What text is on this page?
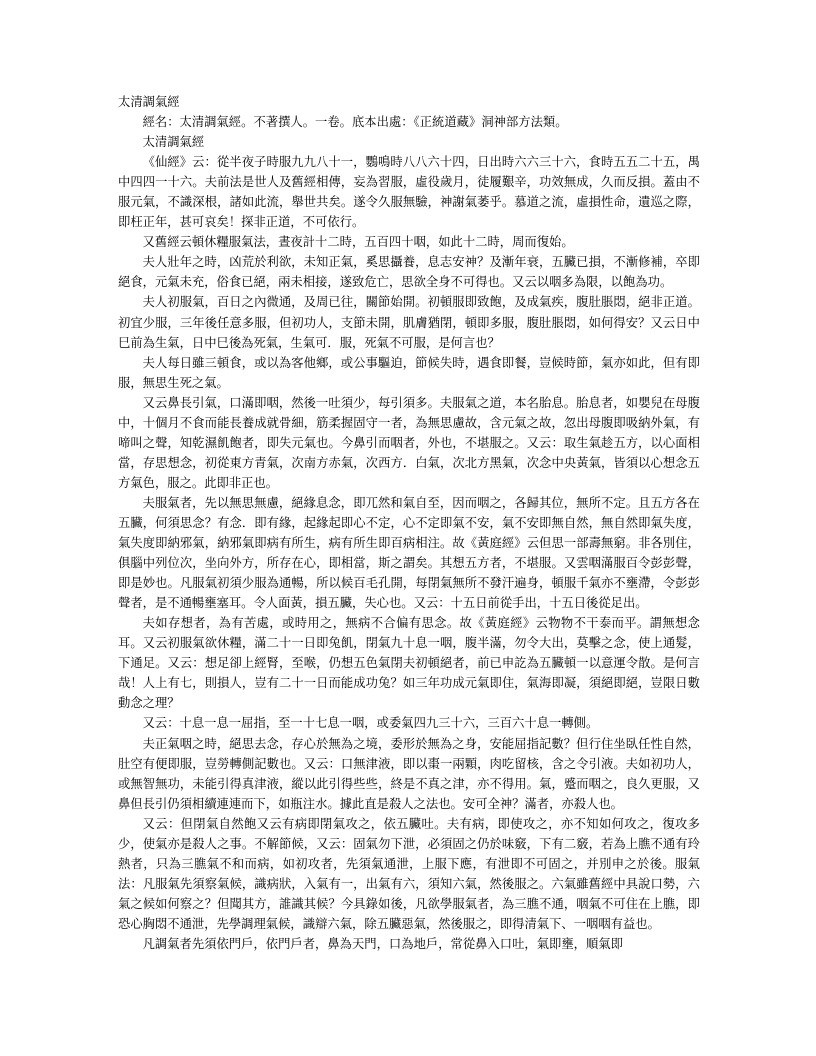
太清調氣經

經名：太清調氣經。不著撰人。一卷。底本出處：《正統道藏》洞神部方法類。

太清調氣經

《仙經》云：從半夜子時服九九八十一，鸚鳴時八八六十四，日出時六六三十六，食時五五二十五，禺中四四一十六。夫前法是世人及舊經相傳，妄為習服，虛役歲月，徒履艱辛，功效無成，久而反損。蓋由不服元氣，不識深根，諸如此流，舉世共矣。遂令久服無驗，神謝氣萎乎。慕道之流，虛損性命，遺巡之際，即枉正年，甚可哀矣！探非正道，不可依行。

又舊經云頓休糧服氣法，晝夜計十二時，五百四十咽，如此十二時，周而復始。

夫人壯年之時，凶荒於利欲，未知正氣，奚思攝養，息志安神？及漸年衰，五臟已損，不漸修補，卒即絕食，元氣未充，俗食已絕，兩未相接，遂致危亡，思欲全身不可得也。又云以咽多為限，以飽為功。

夫人初服氣，百日之內微通，及周已往，關節始開。初頓服即致飽，及成氣疾，腹肚脹悶，絕非正道。初宜少服，三年後任意多服，但初功人，支節未開，肌膚猶閉，頓即多服，腹肚脹悶，如何得安？又云日中巳前為生氣，日中巳後為死氣，生氣可．服，死氣不可服，是何言也？

夫人每日雖三頓食，或以為客他鄉，或公事驅迫，節候失時，遇食即餐，豈候時節，氣亦如此，但有即服，無思生死之氣。

又云鼻長引氣，口滿即咽，然後一吐須少，每引須多。夫服氣之道，本名胎息。胎息者，如嬰兒在母腹中，十個月不食而能長養成就骨細，筋柔握固守一者，為無思慮故，含元氣之故，忽出母腹即吸納外氣，有啼叫之聲，知乾濕飢飽者，即失元氣也。今鼻引而咽者，外也，不堪服之。又云：取生氣趁五方，以心面相當，存思想念，初從東方青氣，次南方赤氣，次西方．白氣，次北方黑氣，次念中央黃氣，皆須以心想念五方氣色，服之。此即非正也。

夫服氣者，先以無思無慮，絕緣息念，即兀然和氣自至，因而咽之，各歸其位，無所不定。且五方各在五臟，何須思念？有念．即有緣，起緣起即心不定，心不定即氣不安，氣不安即無自然，無自然即氣失度，氣失度即納邪氣，納邪氣即病有所生，病有所生即百病相注。故《黃庭經》云但思一部壽無窮。非各別住，俱腦中列位次，坐向外方，所存在心，即相當，斯之謂矣。其想五方者，不堪服。又雲咽滿服百令彭彭聲，即是妙也。凡服氣初須少服為通暢，所以候百毛孔開，每閉氣無所不發汗遍身，頓服千氣亦不壅滯，令彭彭聲者，是不通暢壅塞耳。令人面黃，損五臟，失心也。又云：十五日前從手出，十五日後從足出。

夫如存想者，為有苦處，或時用之，無病不合偏有思念。故《黃庭經》云物物不干泰而平。謂無想念耳。又云初服氣欲休糧，滿二十一日即兔飢，閉氣九十息一咽，腹半滿，勿令大出，莫擊之念，使上通髮，下通足。又云：想足卻上經腎，至喉，仍想五色氣閉夫初頓絕者，前已申訖為五臟頓一以意運令散。是何言哉！人上有七，則損人，豈有二十一日而能成功兔？如三年功成元氣即住，氣海即凝，須絕即絕，豈限日數動念之理？

又云：十息一息一屈指，至一十七息一咽，或委氣四九三十六，三百六十息一轉側。

夫正氣咽之時，絕思去念，存心於無為之境，委形於無為之身，安能屈指記數？但行住坐臥任性自然，肚空有便即服，豈勞轉側記數也。又云：口無津液，即以棗一兩顆，肉吃留核，含之令引液。夫如初功人，或無智無功，未能引得真津液，縱以此引得些些，終是不真之津，亦不得用。氣，蹙而咽之，良久更服，又鼻但長引仍須相續連連而下，如瓶注水。據此直是殺人之法也。安可全神？滿者，亦殺人也。

又云：但閉氣自然飽又云有病即閉氣攻之，依五臟吐。夫有病，即使攻之，亦不知如何攻之，復攻多少，使氣亦是殺人之事。不解節候，又云：固氣勿下泄，必須固之仍於味竅，下有二竅，若為上膲不通有玲熱者，只為三膲氣不和而病，如初攻者，先須氣通泄，上服下應，有泄即不可固之，并別申之於後。服氣法：凡服氣先須察氣候，識病狀，入氣有一，出氣有六，須知六氣，然後服之。六氣雖舊經中具說口勢，六氣之候如何察之？但聞其方，誰識其候？今具錄如後，凡欲學服氣者，為三膲不通，咽氣不可住在上膲，即恐心胸悶不通泄，先學調理氣候，識辯六氣，除五臟惡氣，然後服之，即得清氣下、一咽咽有益也。

凡調氣者先須依門戶，依門戶者，鼻為天門，口為地戶，常從鼻入口吐，氣即壅，順氣即
